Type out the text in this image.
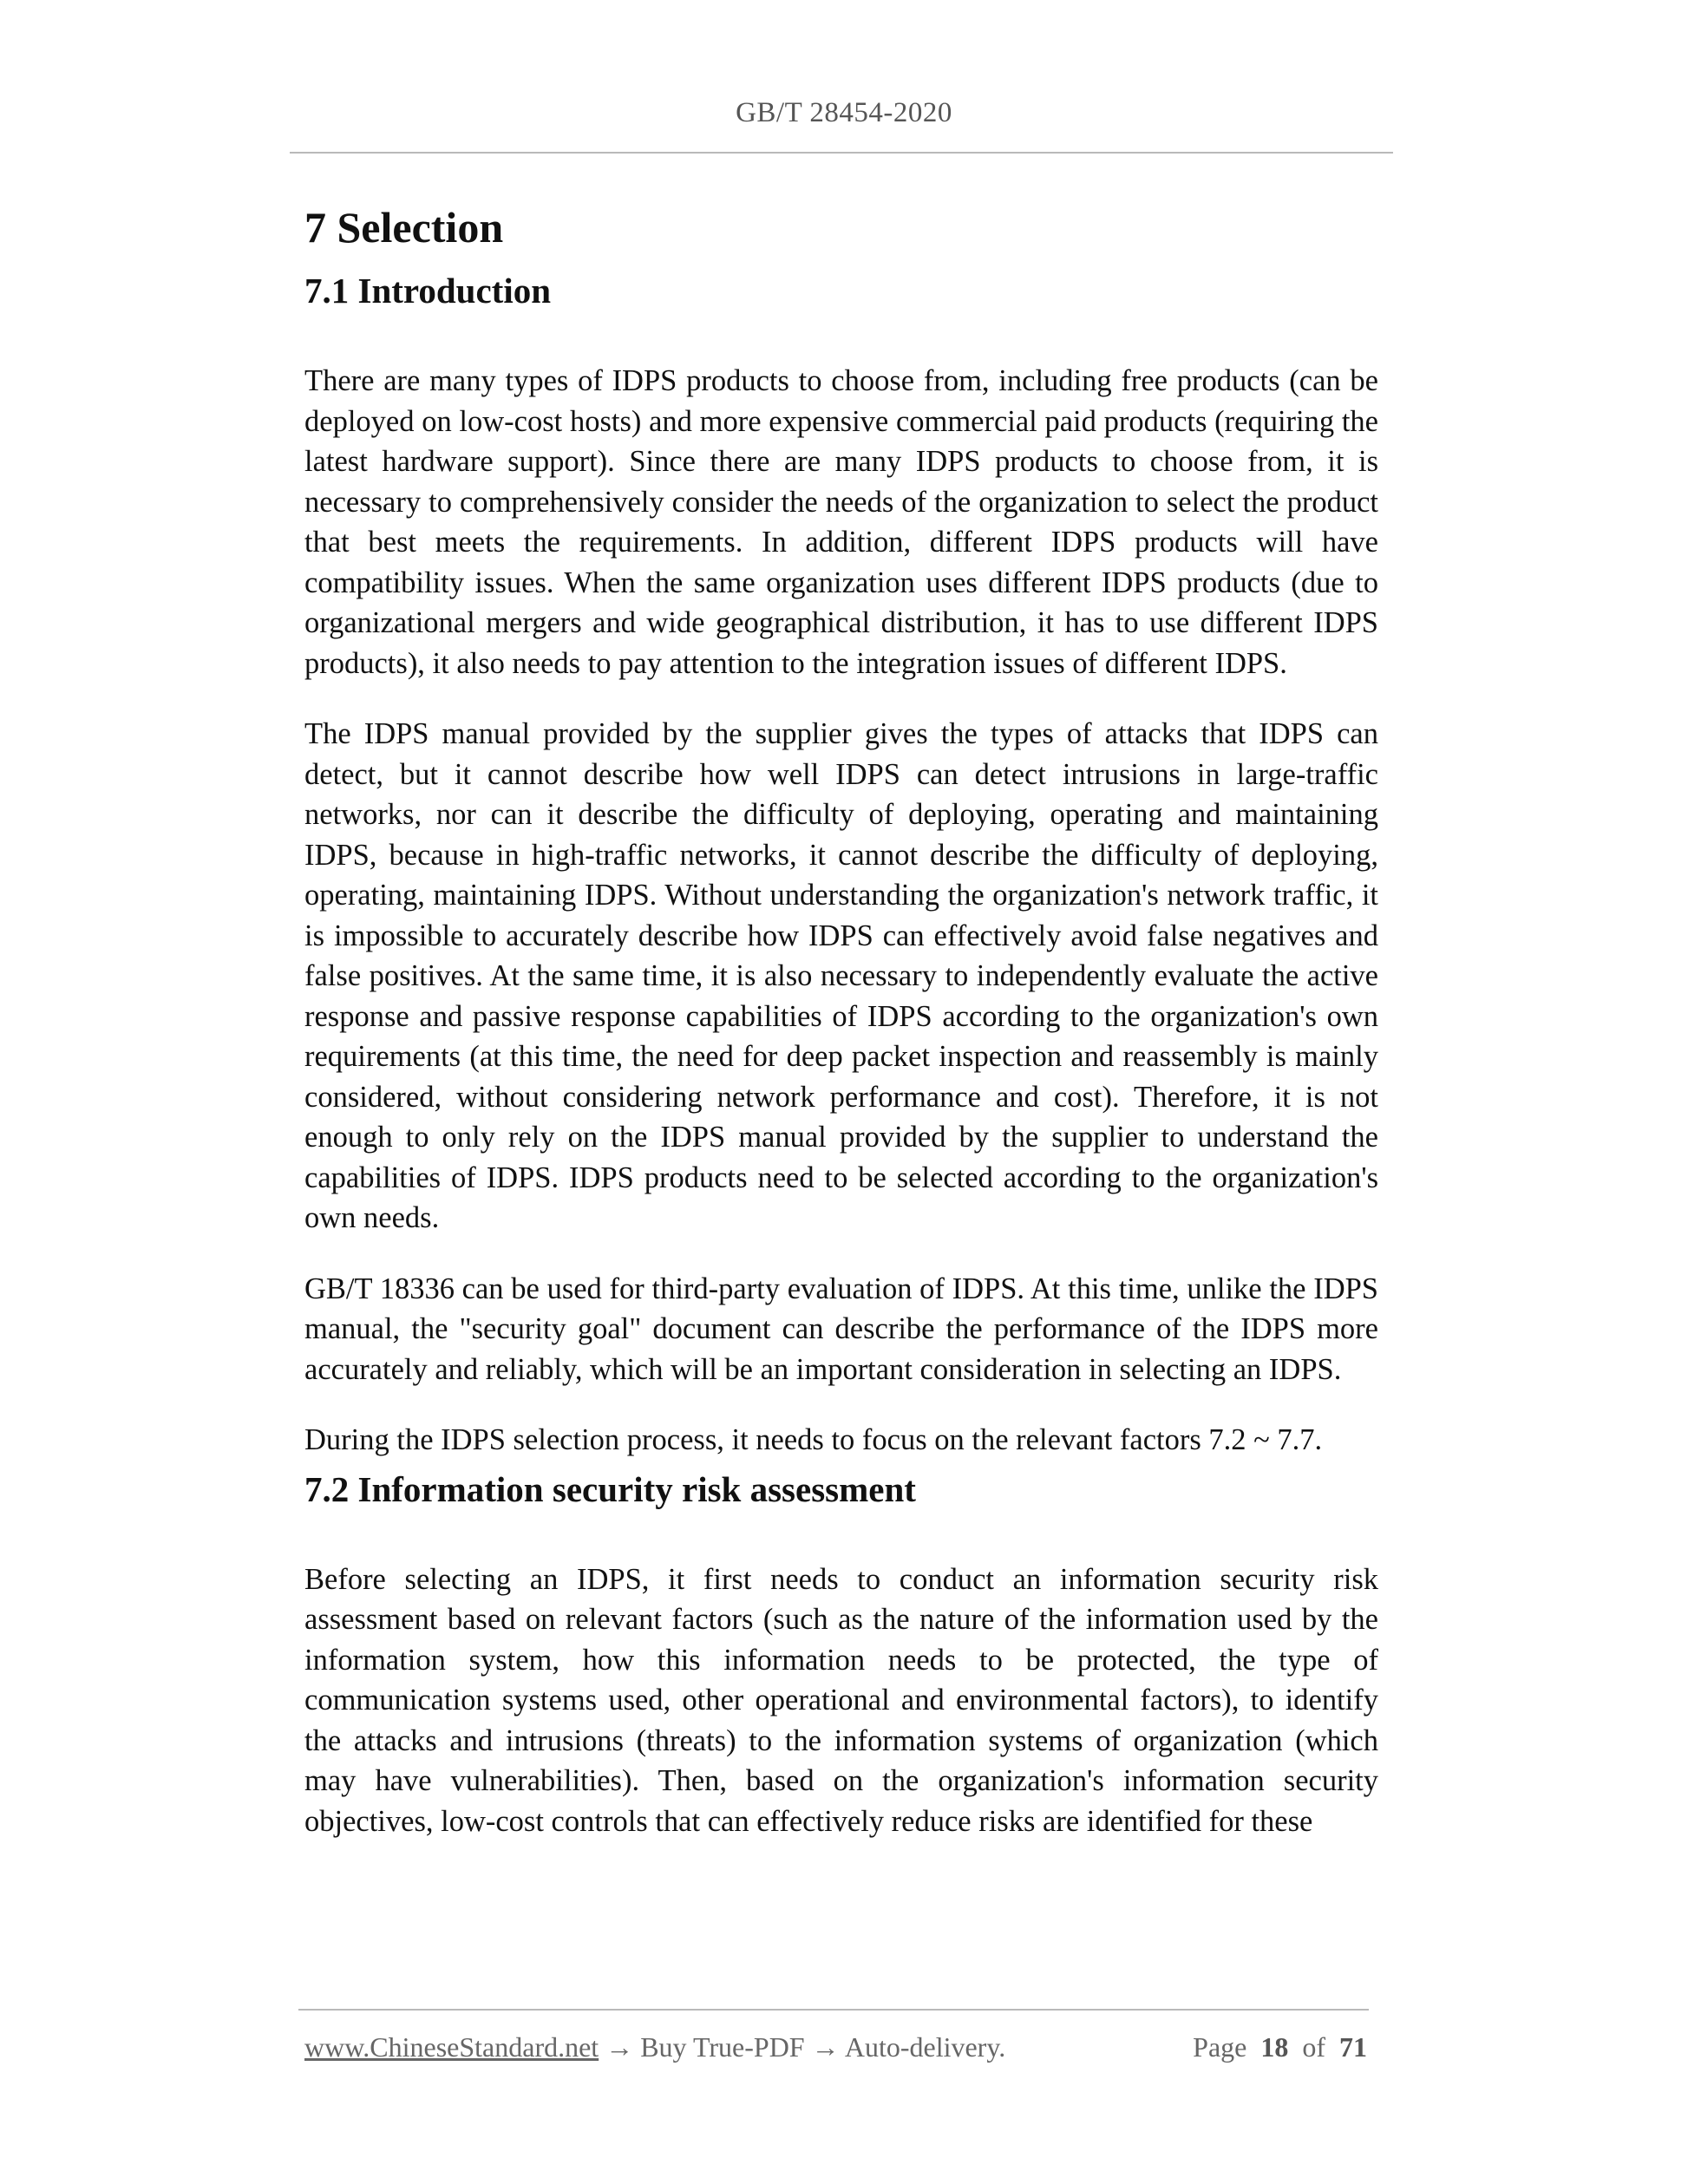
GB/T 28454-2020
7 Selection
7.1 Introduction

There are many types of IDPS products to choose from, including free products (can be deployed on low-cost hosts) and more expensive commercial paid products (requiring the latest hardware support). Since there are many IDPS products to choose from, it is necessary to comprehensively consider the needs of the organization to select the product that best meets the requirements. In addition, different IDPS products will have compatibility issues. When the same organization uses different IDPS products (due to organizational mergers and wide geographical distribution, it has to use different IDPS products), it also needs to pay attention to the integration issues of different IDPS.

The IDPS manual provided by the supplier gives the types of attacks that IDPS can detect, but it cannot describe how well IDPS can detect intrusions in large-traffic networks, nor can it describe the difficulty of deploying, operating and maintaining IDPS, because in high-traffic networks, it cannot describe the difficulty of deploying, operating, maintaining IDPS. Without understanding the organization's network traffic, it is impossible to accurately describe how IDPS can effectively avoid false negatives and false positives. At the same time, it is also necessary to independently evaluate the active response and passive response capabilities of IDPS according to the organization's own requirements (at this time, the need for deep packet inspection and reassembly is mainly considered, without considering network performance and cost). Therefore, it is not enough to only rely on the IDPS manual provided by the supplier to understand the capabilities of IDPS. IDPS products need to be selected according to the organization's own needs.

GB/T 18336 can be used for third-party evaluation of IDPS. At this time, unlike the IDPS manual, the "security goal" document can describe the performance of the IDPS more accurately and reliably, which will be an important consideration in selecting an IDPS.

During the IDPS selection process, it needs to focus on the relevant factors 7.2 ~ 7.7.

7.2 Information security risk assessment

Before selecting an IDPS, it first needs to conduct an information security risk assessment based on relevant factors (such as the nature of the information used by the information system, how this information needs to be protected, the type of communication systems used, other operational and environmental factors), to identify the attacks and intrusions (threats) to the information systems of organization (which may have vulnerabilities). Then, based on the organization's information security objectives, low-cost controls that can effectively reduce risks are identified for these

www.ChineseStandard.net → Buy True-PDF → Auto-delivery.	Page 18 of 71
